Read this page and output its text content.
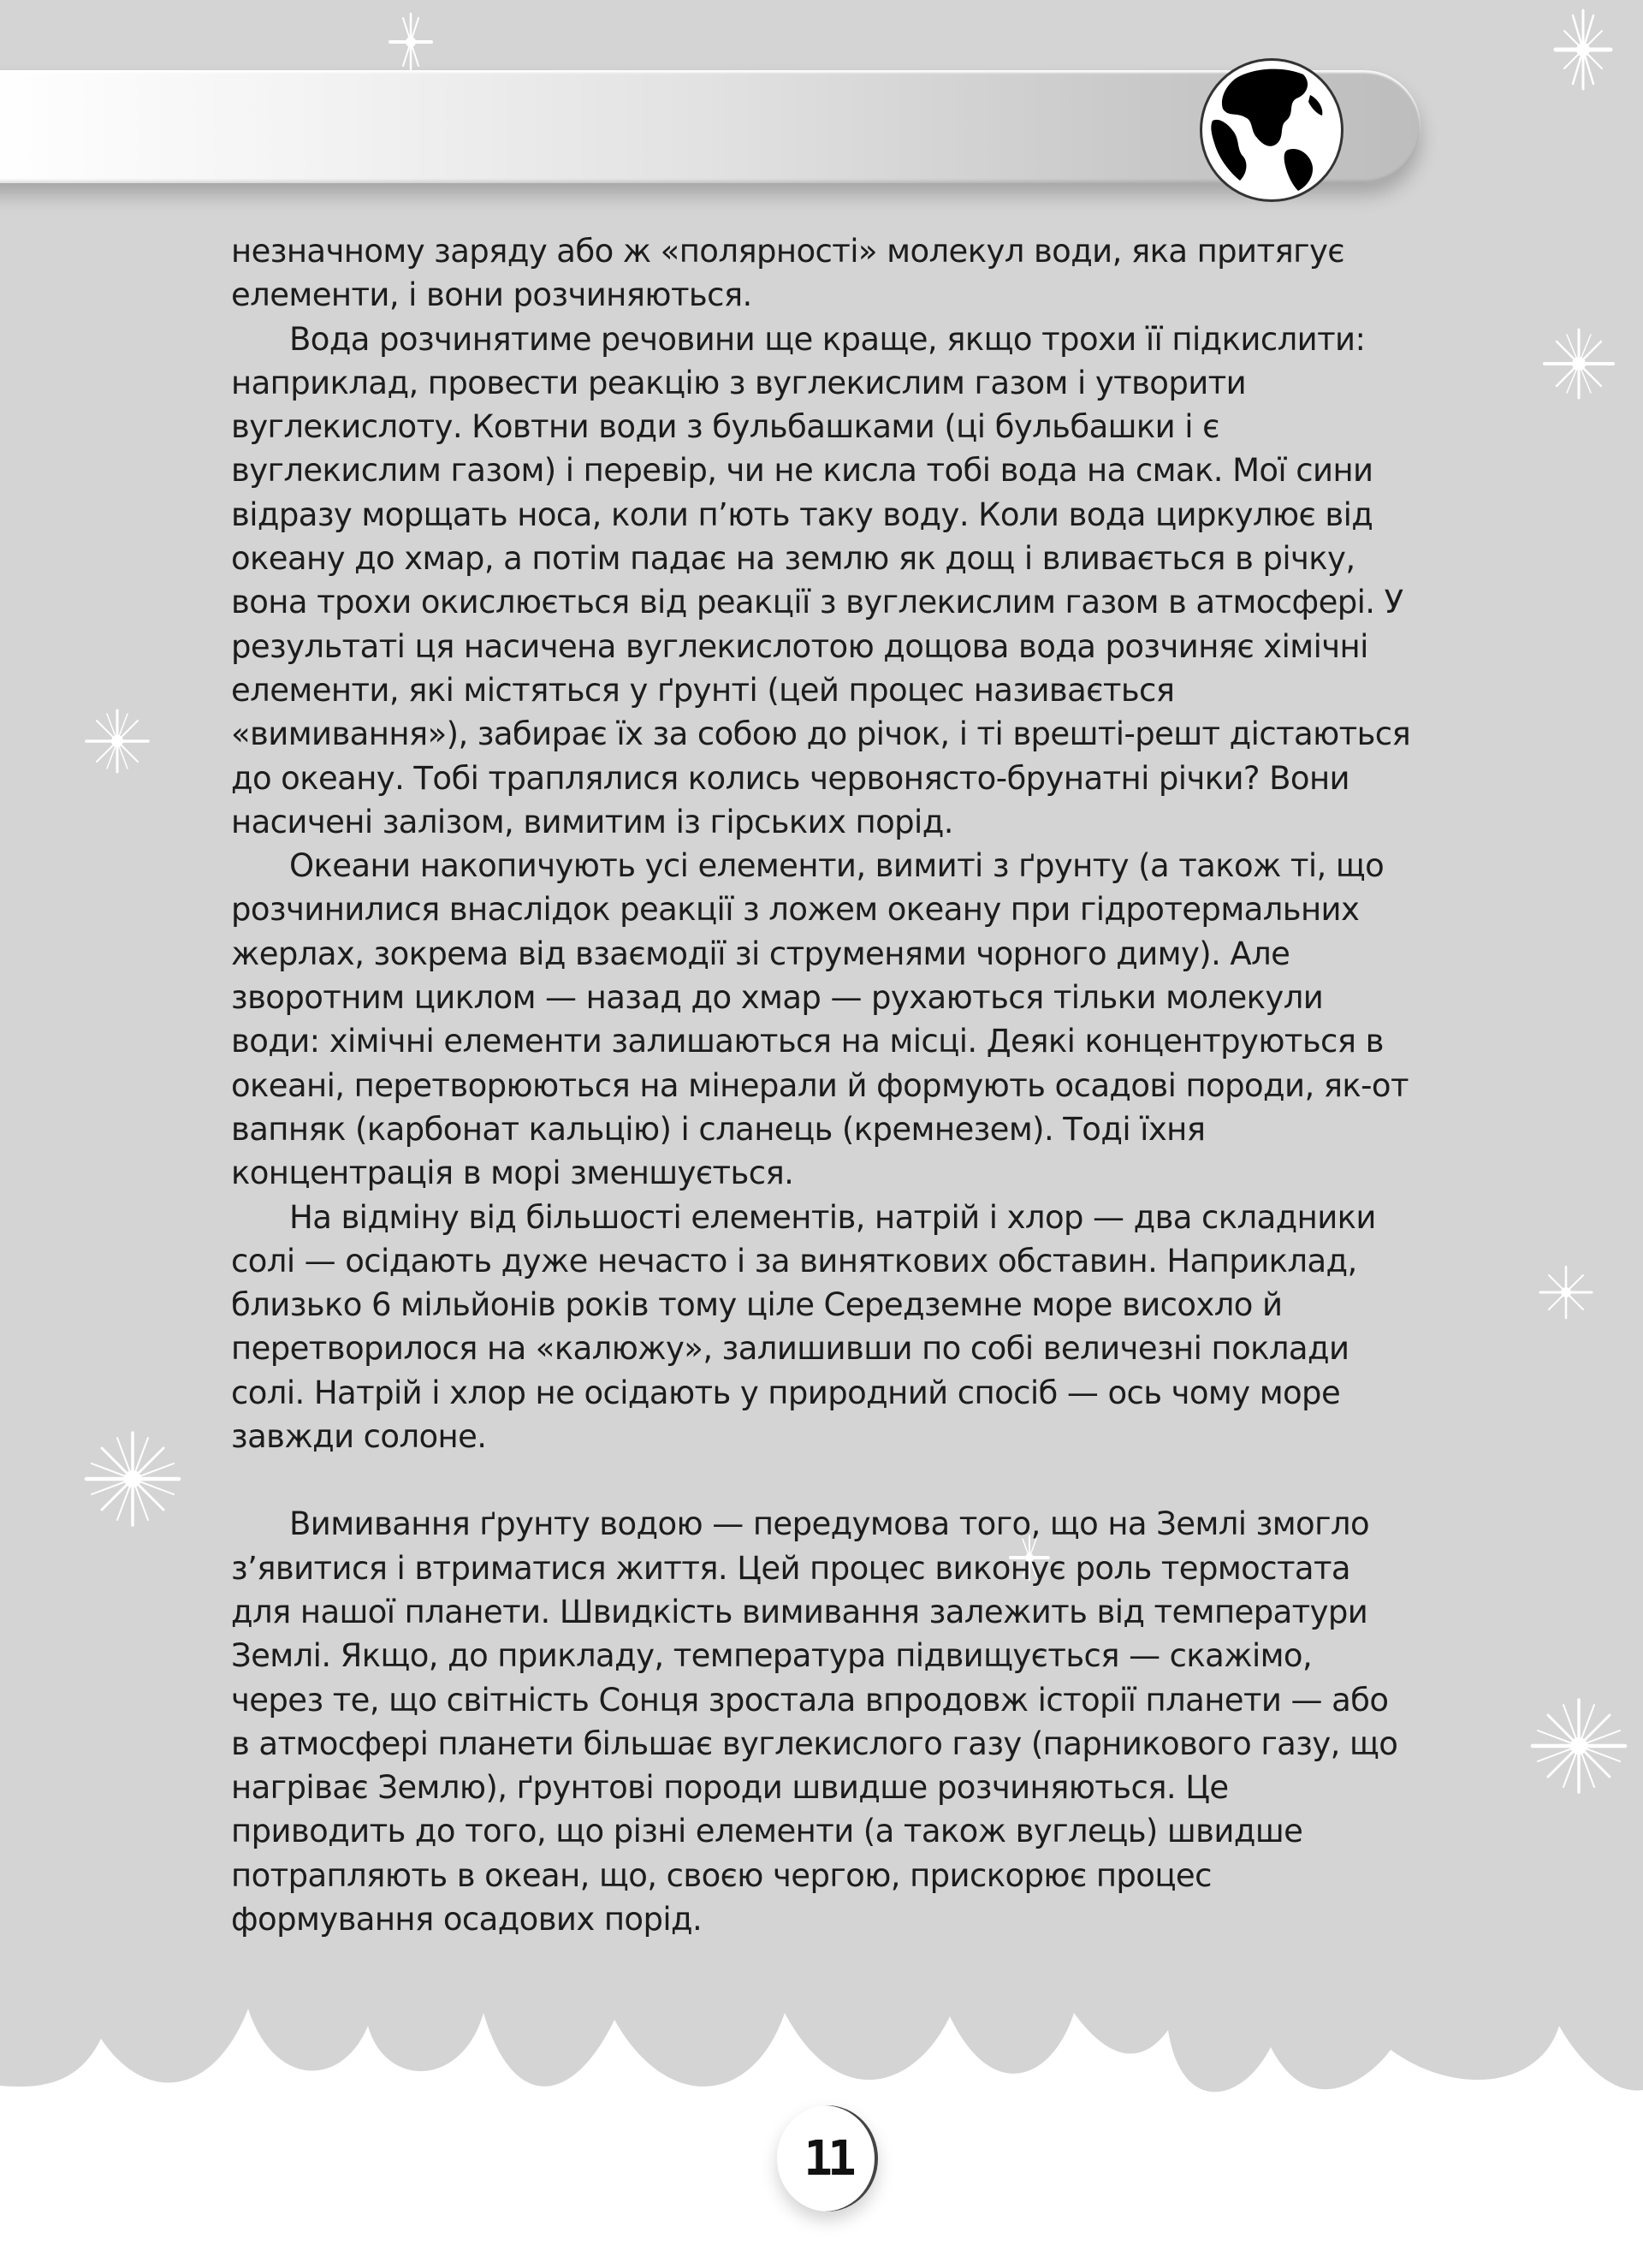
незначному заряду або ж «полярності» молекул води, яка притягує елементи, і вони розчиняються.

Вода розчинятиме речовини ще краще, якщо трохи її підкислити: наприклад, провести реакцію з вуглекислим газом і утворити вуглекислоту. Ковтни води з бульбашками (ці бульбашки і є вуглекислим газом) і перевір, чи не кисла тобі вода на смак. Мої сини відразу морщать носа, коли п’ють таку воду. Коли вода циркулює від океану до хмар, а потім падає на землю як дощ і вливається в річку, вона трохи окислюється від реакції з вуглекислим газом в атмосфері. У результаті ця насичена вуглекислотою дощова вода розчиняє хімічні елементи, які містяться у ґрунті (цей процес називається «вимивання»), забирає їх за собою до річок, і ті врешті-решт дістаються до океану. Тобі траплялися колись червонясто-брунатні річки? Вони насичені залізом, вимитим із гірських порід.

Океани накопичують усі елементи, вимиті з ґрунту (а також ті, що розчинилися внаслідок реакції з ложем океану при гідротермальних жерлах, зокрема від взаємодії зі струменями чорного диму). Але зворотним циклом — назад до хмар — рухаються тільки молекули води: хімічні елементи залишаються на місці. Деякі концентруються в океані, перетворюються на мінерали й формують осадові породи, як-от вапняк (карбонат кальцію) і сланець (кремнезем). Тоді їхня концентрація в морі зменшується.

На відміну від більшості елементів, натрій і хлор — два складники солі — осідають дуже нечасто і за виняткових обставин. Наприклад, близько 6 мільйонів років тому ціле Середземне море висохло й перетворилося на «калюжу», залишивши по собі величезні поклади солі. Натрій і хлор не осідають у природний спосіб — ось чому море завжди солоне.

Вимивання ґрунту водою — передумова того, що на Землі змогло з’явитися і втриматися життя. Цей процес виконує роль термостата для нашої планети. Швидкість вимивання залежить від температури Землі. Якщо, до прикладу, температура підвищується — скажімо, через те, що світність Сонця зростала впродовж історії планети — або в атмосфері планети більшає вуглекислого газу (парникового газу, що нагріває Землю), ґрунтові породи швидше розчиняються. Це приводить до того, що різні елементи (а також вуглець) швидше потрапляють в океан, що, своєю чергою, прискорює процес формування осадових порід.

11
